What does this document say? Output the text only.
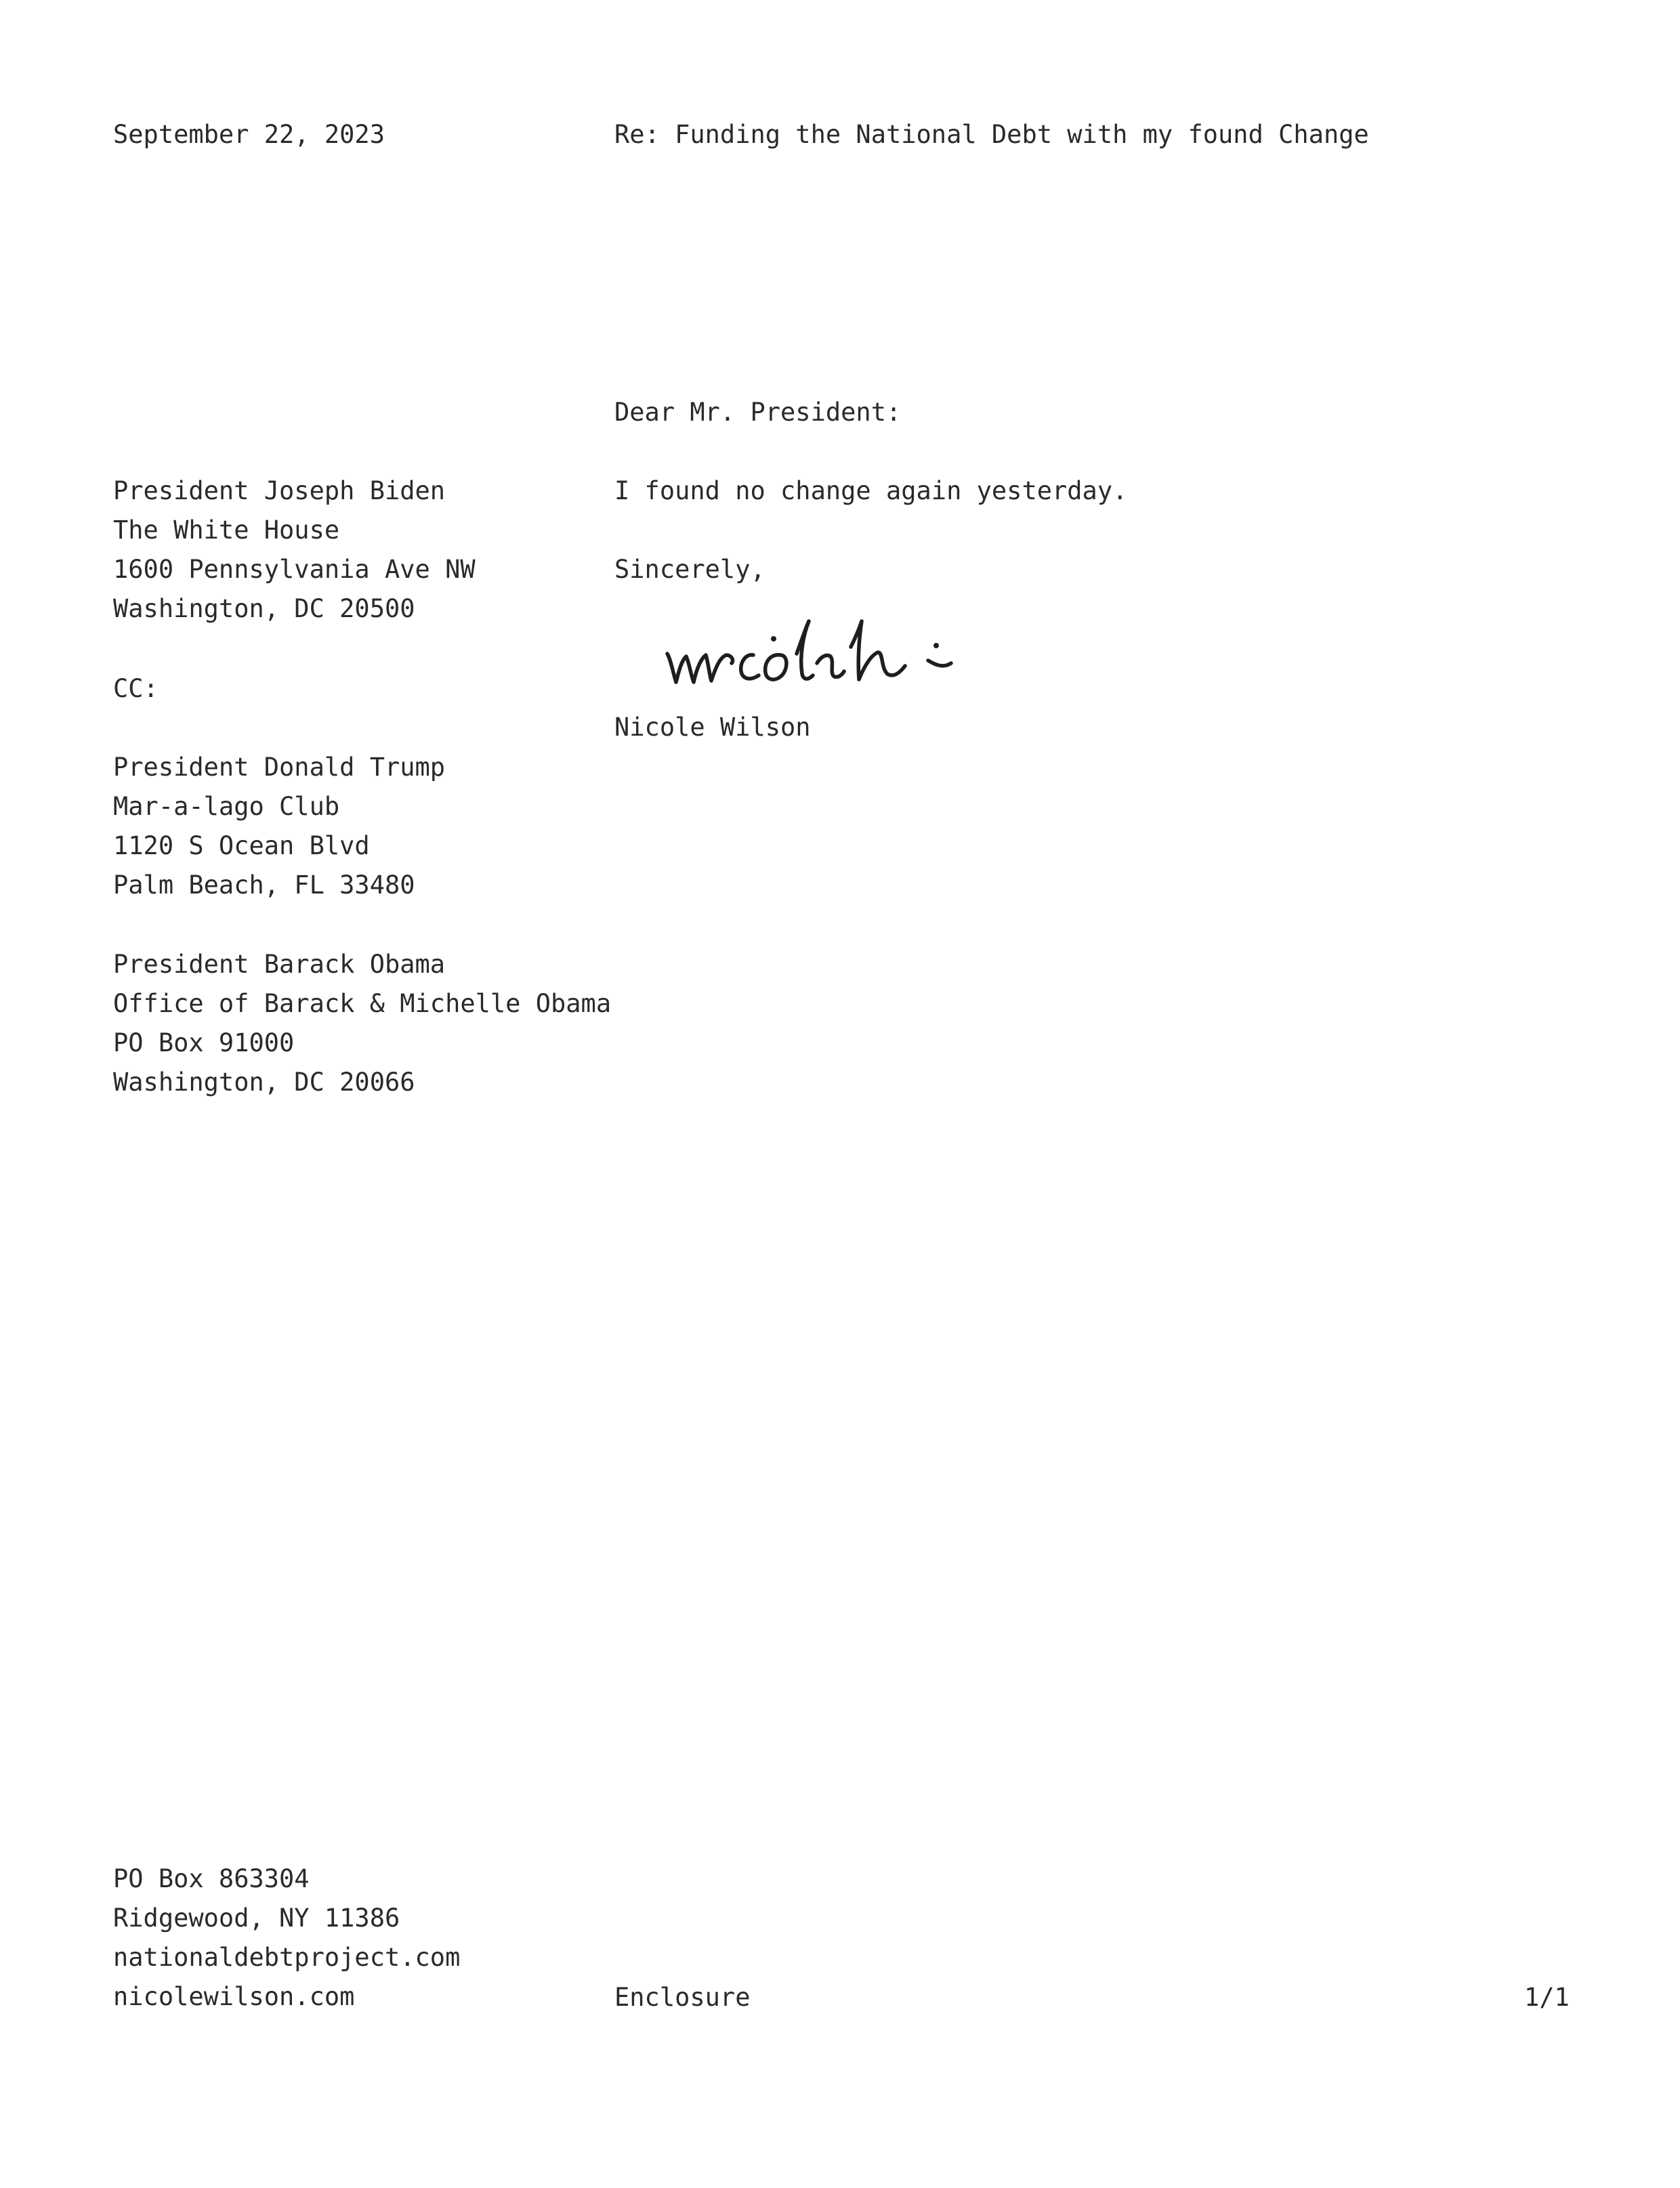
September 22, 2023	Re: Funding the National Debt with my found Change
Dear Mr. President:
I found no change again yesterday.
Sincerely,
Nicole Wilson
President Joseph Biden
The White House
1600 Pennsylvania Ave NW
Washington, DC 20500
CC:
President Donald Trump
Mar-a-lago Club
1120 S Ocean Blvd
Palm Beach, FL 33480
President Barack Obama
Office of Barack & Michelle Obama
PO Box 91000
Washington, DC 20066
PO Box 863304
Ridgewood, NY 11386
nationaldebtproject.com
nicolewilson.com	Enclosure	1/1
